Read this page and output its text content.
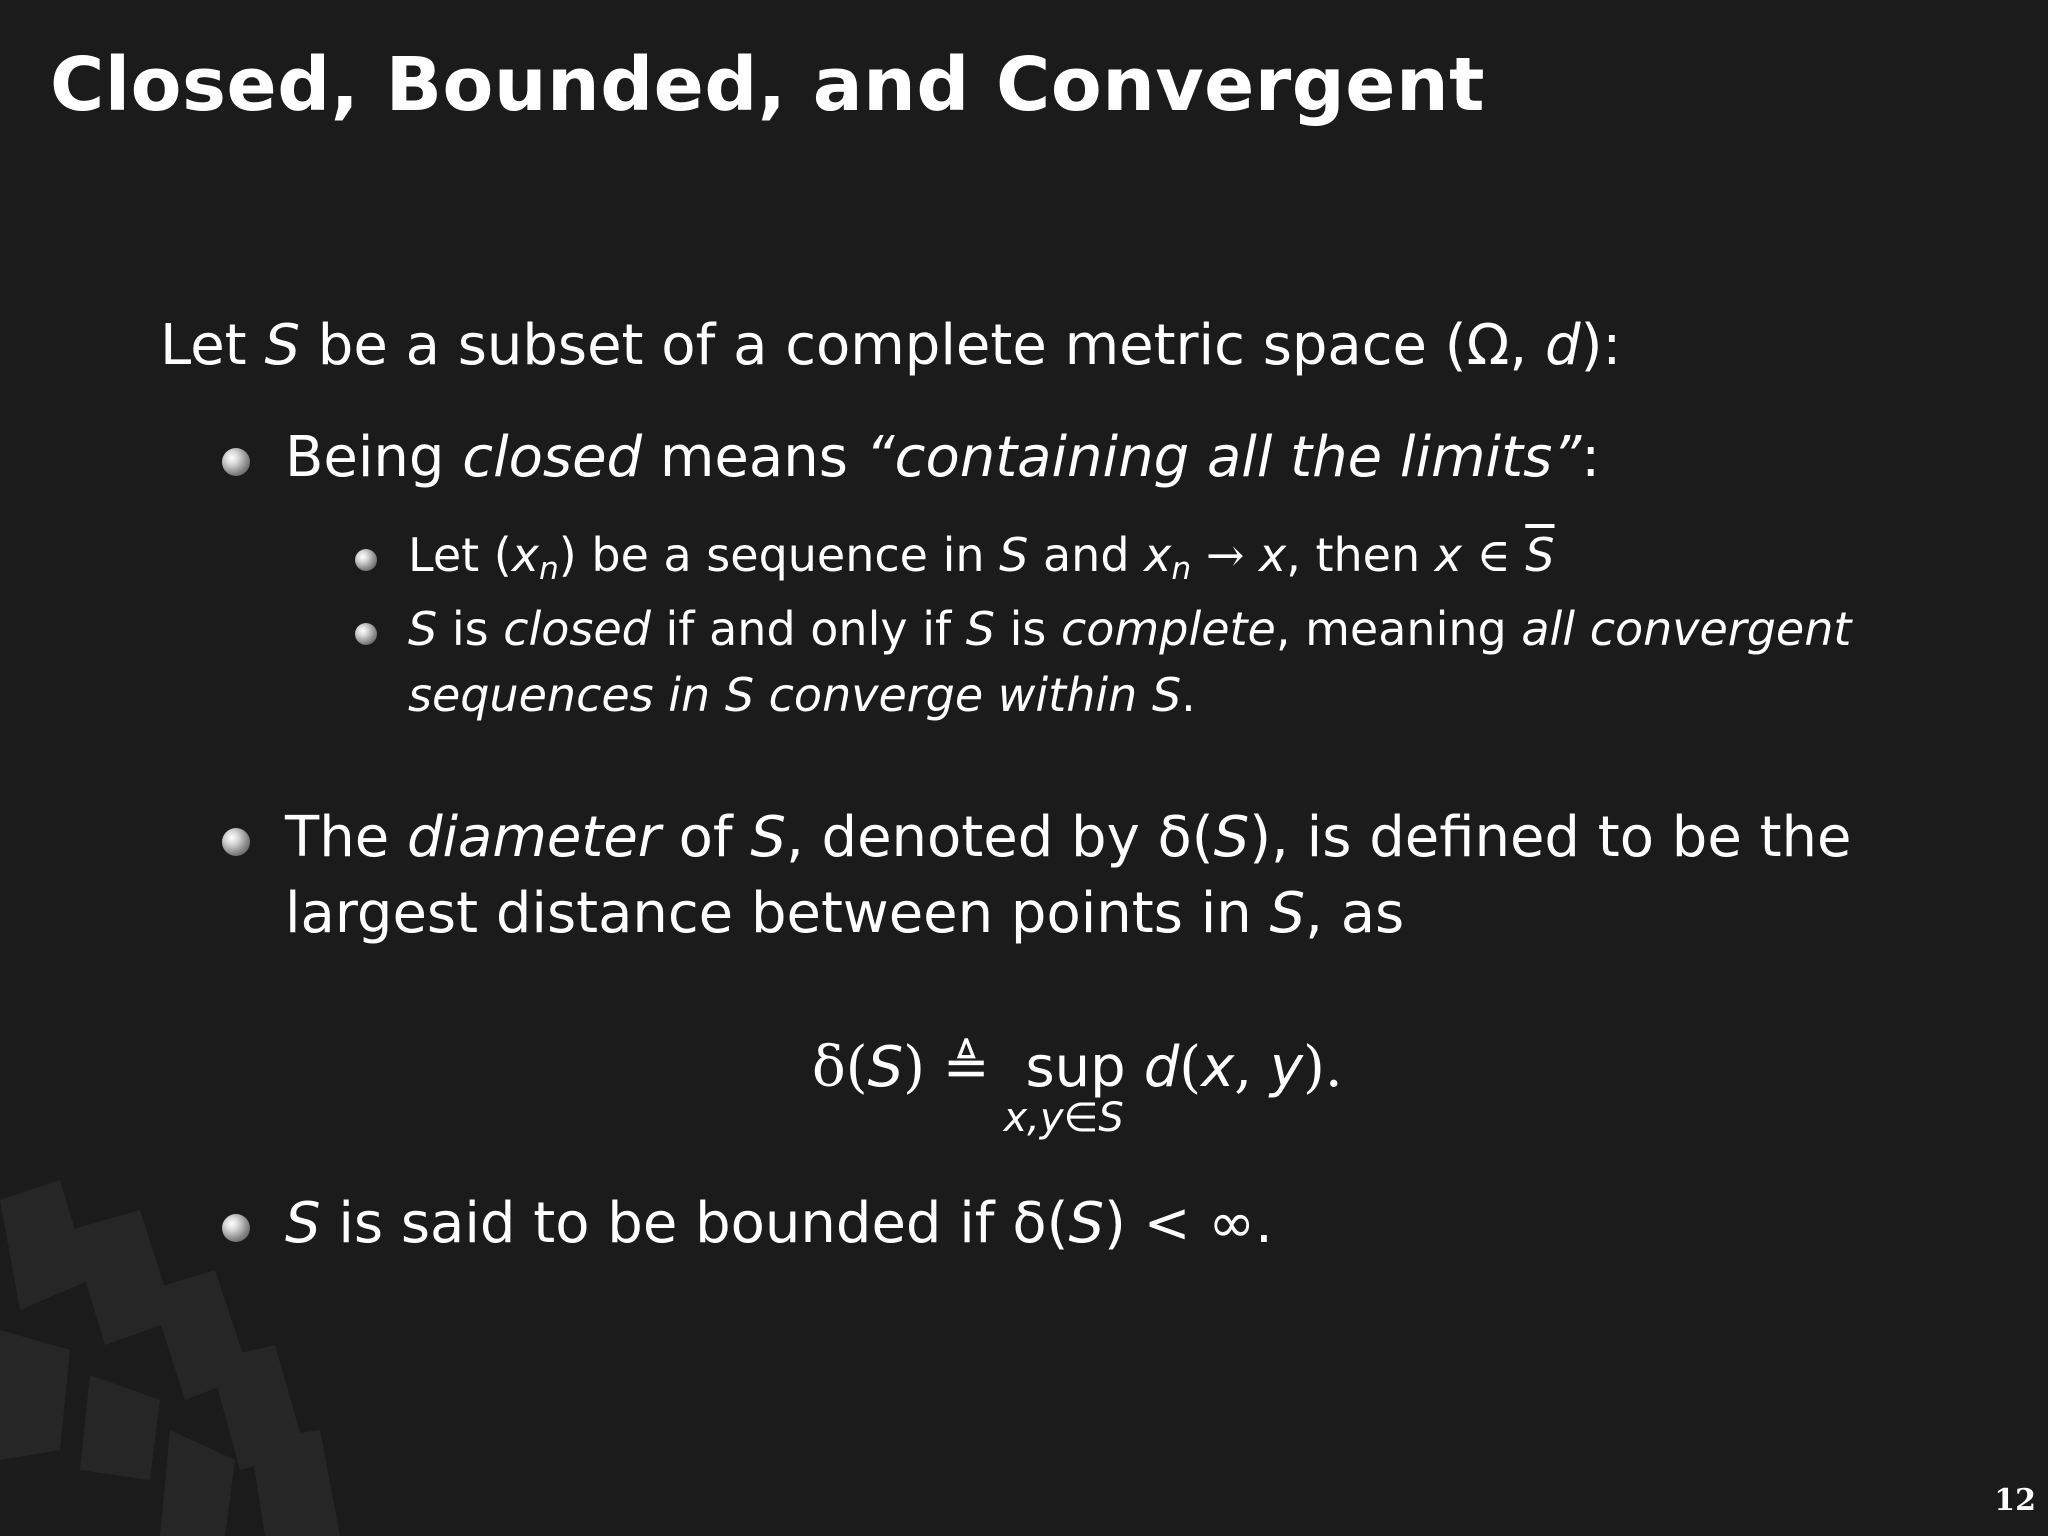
Closed, Bounded, and Convergent
Let S be a subset of a complete metric space (Ω, d):
Being closed means “containing all the limits”:
Let $(x_n)$ be a sequence in S and $x_n \to x$, then x ∈ $\overline{S}$
S is closed if and only if S is complete, meaning all convergent
sequences in S converge within S.
The diameter of S, denoted by δ(S), is defined to be the
largest distance between points in S, as
δ(S) ≜ sup
x,y∈S
d(x, y).
S is said to be bounded if δ(S) < ∞.
12
